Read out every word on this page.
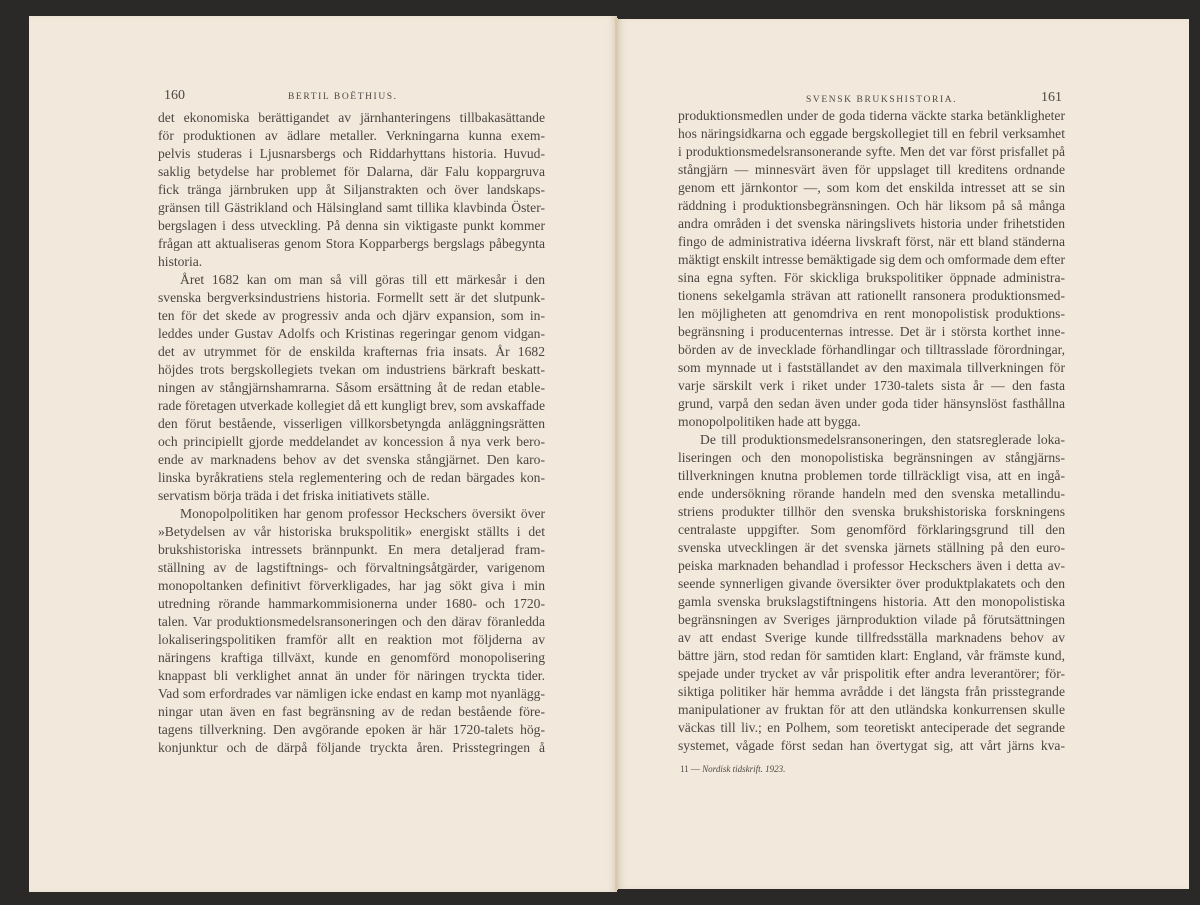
160	BERTIL BOËTHIUS.	SVENSK BRUKSHISTORIA.	161
det ekonomiska berättigandet av järnhanteringens tillbakasättande
för produktionen av ädlare metaller. Verkningarna kunna exem-
pelvis studeras i Ljusnarsbergs och Riddarhyttans historia. Huvud-
saklig betydelse har problemet för Dalarna, där Falu koppargruva
fick tränga järnbruken upp åt Siljanstrakten och över landskaps-
gränsen till Gästrikland och Hälsingland samt tillika klavbinda Öster-
bergslagen i dess utveckling. På denna sin viktigaste punkt kommer
frågan att aktualiseras genom Stora Kopparbergs bergslags påbegynta
historia.
Året 1682 kan om man så vill göras till ett märkesår i den
svenska bergverksindustriens historia. Formellt sett är det slutpunk-
ten för det skede av progressiv anda och djärv expansion, som in-
leddes under Gustav Adolfs och Kristinas regeringar genom vidgan-
det av utrymmet för de enskilda krafternas fria insats. År 1682
höjdes trots bergskollegiets tvekan om industriens bärkraft beskatt-
ningen av stångjärnshamrarna. Såsom ersättning åt de redan etable-
rade företagen utverkade kollegiet då ett kungligt brev, som avskaffade
den förut bestående, visserligen villkorsbetyngda anläggningsrätten
och principiellt gjorde meddelandet av koncession å nya verk bero-
ende av marknadens behov av det svenska stångjärnet. Den karo-
linska byråkratiens stela reglementering och de redan bärgades kon-
servatism börja träda i det friska initiativets ställe.
Monopolpolitiken har genom professor Heckschers översikt över
»Betydelsen av vår historiska brukspolitik» energiskt ställts i det
brukshistoriska intressets brännpunkt. En mera detaljerad fram-
ställning av de lagstiftnings- och förvaltningsåtgärder, varigenom
monopoltanken definitivt förverkligades, har jag sökt giva i min
utredning rörande hammarkommisionerna under 1680- och 1720-
talen. Var produktionsmedelsransoneringen och den därav föranledda
lokaliseringspolitiken framför allt en reaktion mot följderna av
näringens kraftiga tillväxt, kunde en genomförd monopolisering
knappast bli verklighet annat än under för näringen tryckta tider.
Vad som erfordrades var nämligen icke endast en kamp mot nyanlägg-
ningar utan även en fast begränsning av de redan bestående före-
tagens tillverkning. Den avgörande epoken är här 1720-talets hög-
konjunktur och de därpå följande tryckta åren. Prisstegringen å
produktionsmedlen under de goda tiderna väckte starka betänkligheter
hos näringsidkarna och eggade bergskollegiet till en febril verksamhet
i produktionsmedelsransonerande syfte. Men det var först prisfallet på
stångjärn — minnesvärt även för uppslaget till kreditens ordnande
genom ett järnkontor —, som kom det enskilda intresset att se sin
räddning i produktionsbegränsningen. Och här liksom på så många
andra områden i det svenska näringslivets historia under frihetstiden
fingo de administrativa idéerna livskraft först, när ett bland ständerna
mäktigt enskilt intresse bemäktigade sig dem och omformade dem efter
sina egna syften. För skickliga brukspolitiker öppnade administra-
tionens sekelgamla strävan att rationellt ransonera produktionsmed-
len möjligheten att genomdriva en rent monopolistisk produktions-
begränsning i producenternas intresse. Det är i största korthet inne-
börden av de invecklade förhandlingar och tilltrasslade förordningar,
som mynnade ut i fastställandet av den maximala tillverkningen för
varje särskilt verk i riket under 1730-talets sista år — den fasta
grund, varpå den sedan även under goda tider hänsynslöst fasthållna
monopolpolitiken hade att bygga.
De till produktionsmedelsransoneringen, den statsreglerade loka-
liseringen och den monopolistiska begränsningen av stångjärns-
tillverkningen knutna problemen torde tillräckligt visa, att en ingå-
ende undersökning rörande handeln med den svenska metallindu-
striens produkter tillhör den svenska brukshistoriska forskningens
centralaste uppgifter. Som genomförd förklaringsgrund till den
svenska utvecklingen är det svenska järnets ställning på den euro-
peiska marknaden behandlad i professor Heckschers även i detta av-
seende synnerligen givande översikter över produktplakatets och den
gamla svenska brukslagstiftningens historia. Att den monopolistiska
begränsningen av Sveriges järnproduktion vilade på förutsättningen
av att endast Sverige kunde tillfredsställa marknadens behov av
bättre järn, stod redan för samtiden klart: England, vår främste kund,
spejade under trycket av vår prispolitik efter andra leverantörer; för-
siktiga politiker här hemma avrådde i det längsta från prisstegrande
manipulationer av fruktan för att den utländska konkurrensen skulle
väckas till liv.; en Polhem, som teoretiskt anteciperade det segrande
systemet, vågade först sedan han övertygat sig, att vårt järns kva-
11 — Nordisk tidskrift. 1923.
